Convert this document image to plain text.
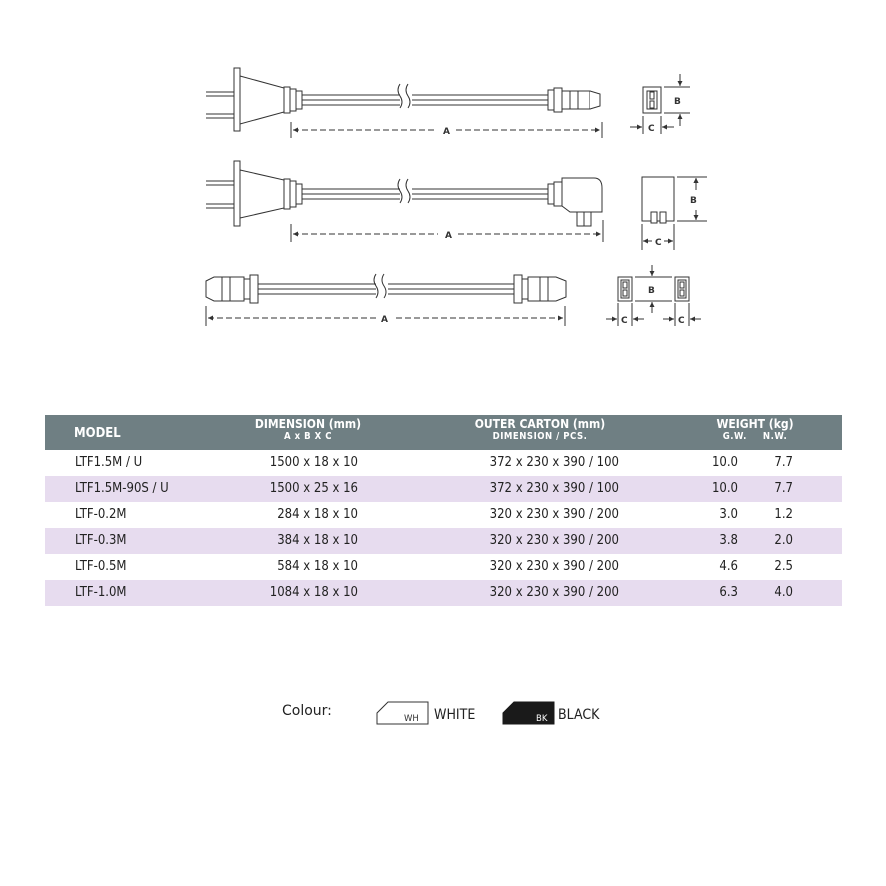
A
B
C
A
B
C
A
B
C	C
MODEL
DIMENSION (mm)
A x B X C
OUTER CARTON (mm)
DIMENSION / PCS.
WEIGHT (kg)
G.W. N.W.
LTF1.5M / U	1500 x 18 x 10	372 x 230 x 390 / 100	10.0	7.7
LTF1.5M-90S / U	1500 x 25 x 16	372 x 230 x 390 / 100	10.0	7.7
LTF-0.2M	284 x 18 x 10	320 x 230 x 390 / 200	3.0	1.2
LTF-0.3M	384 x 18 x 10	320 x 230 x 390 / 200	3.8	2.0
LTF-0.5M	584 x 18 x 10	320 x 230 x 390 / 200	4.6	2.5
LTF-1.0M	1084 x 18 x 10	320 x 230 x 390 / 200	6.3	4.0
Colour:	WH WHITE	BK BLACK
